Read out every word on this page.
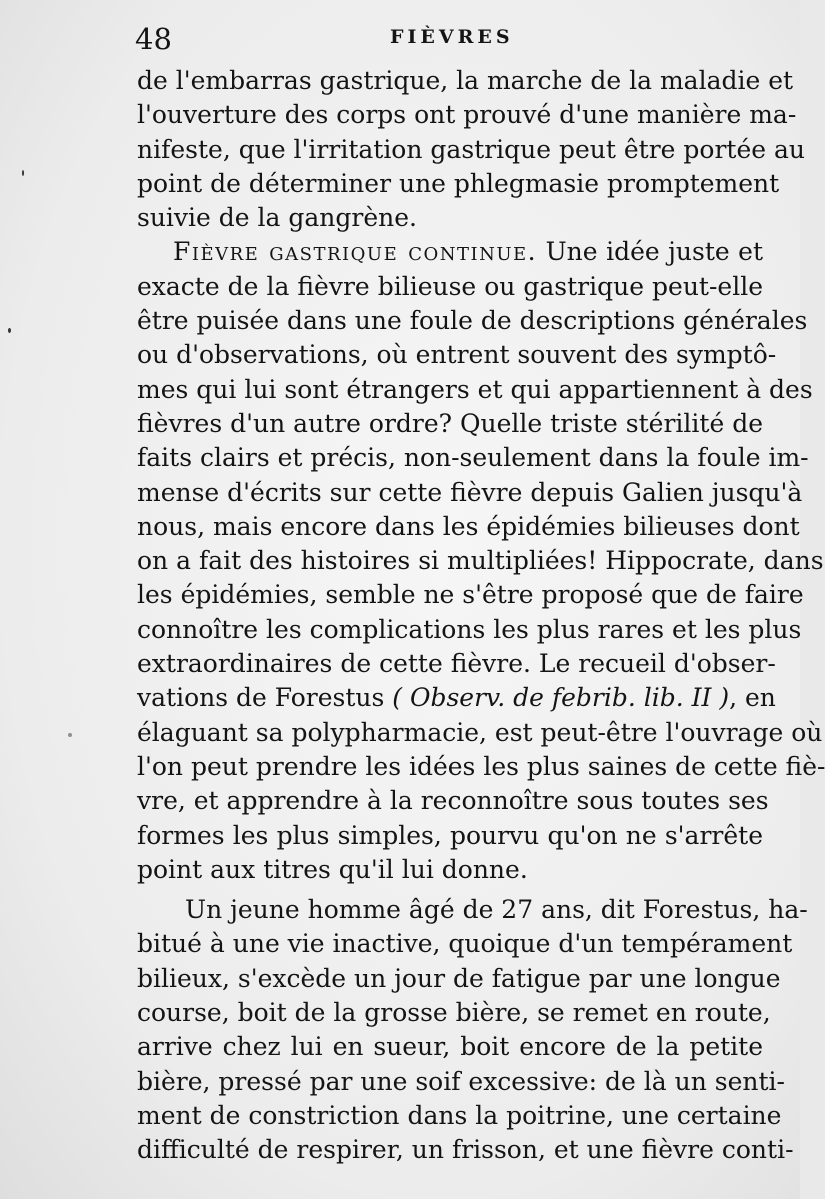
48	FIÈVRES
de l'embarras gastrique, la marche de la maladie et
l'ouverture des corps ont prouvé d'une manière ma-
nifeste, que l'irritation gastrique peut être portée au
point de déterminer une phlegmasie promptement
suivie de la gangrène.
Fièvre gastrique continue. Une idée juste et
exacte de la fièvre bilieuse ou gastrique peut-elle
être puisée dans une foule de descriptions générales
ou d'observations, où entrent souvent des symptô-
mes qui lui sont étrangers et qui appartiennent à des
fièvres d'un autre ordre? Quelle triste stérilité de
faits clairs et précis, non-seulement dans la foule im-
mense d'écrits sur cette fièvre depuis Galien jusqu'à
nous, mais encore dans les épidémies bilieuses dont
on a fait des histoires si multipliées! Hippocrate, dans
les épidémies, semble ne s'être proposé que de faire
connoître les complications les plus rares et les plus
extraordinaires de cette fièvre. Le recueil d'obser-
vations de Forestus ( Observ. de febrib. lib. II ), en
élaguant sa polypharmacie, est peut-être l'ouvrage où
l'on peut prendre les idées les plus saines de cette fiè-
vre, et apprendre à la reconnoître sous toutes ses
formes les plus simples, pourvu qu'on ne s'arrête
point aux titres qu'il lui donne.
Un jeune homme âgé de 27 ans, dit Forestus, ha-
bitué à une vie inactive, quoique d'un tempérament
bilieux, s'excède un jour de fatigue par une longue
course, boit de la grosse bière, se remet en route,
arrive chez lui en sueur, boit encore de la petite
bière, pressé par une soif excessive: de là un senti-
ment de constriction dans la poitrine, une certaine
difficulté de respirer, un frisson, et une fièvre conti-
